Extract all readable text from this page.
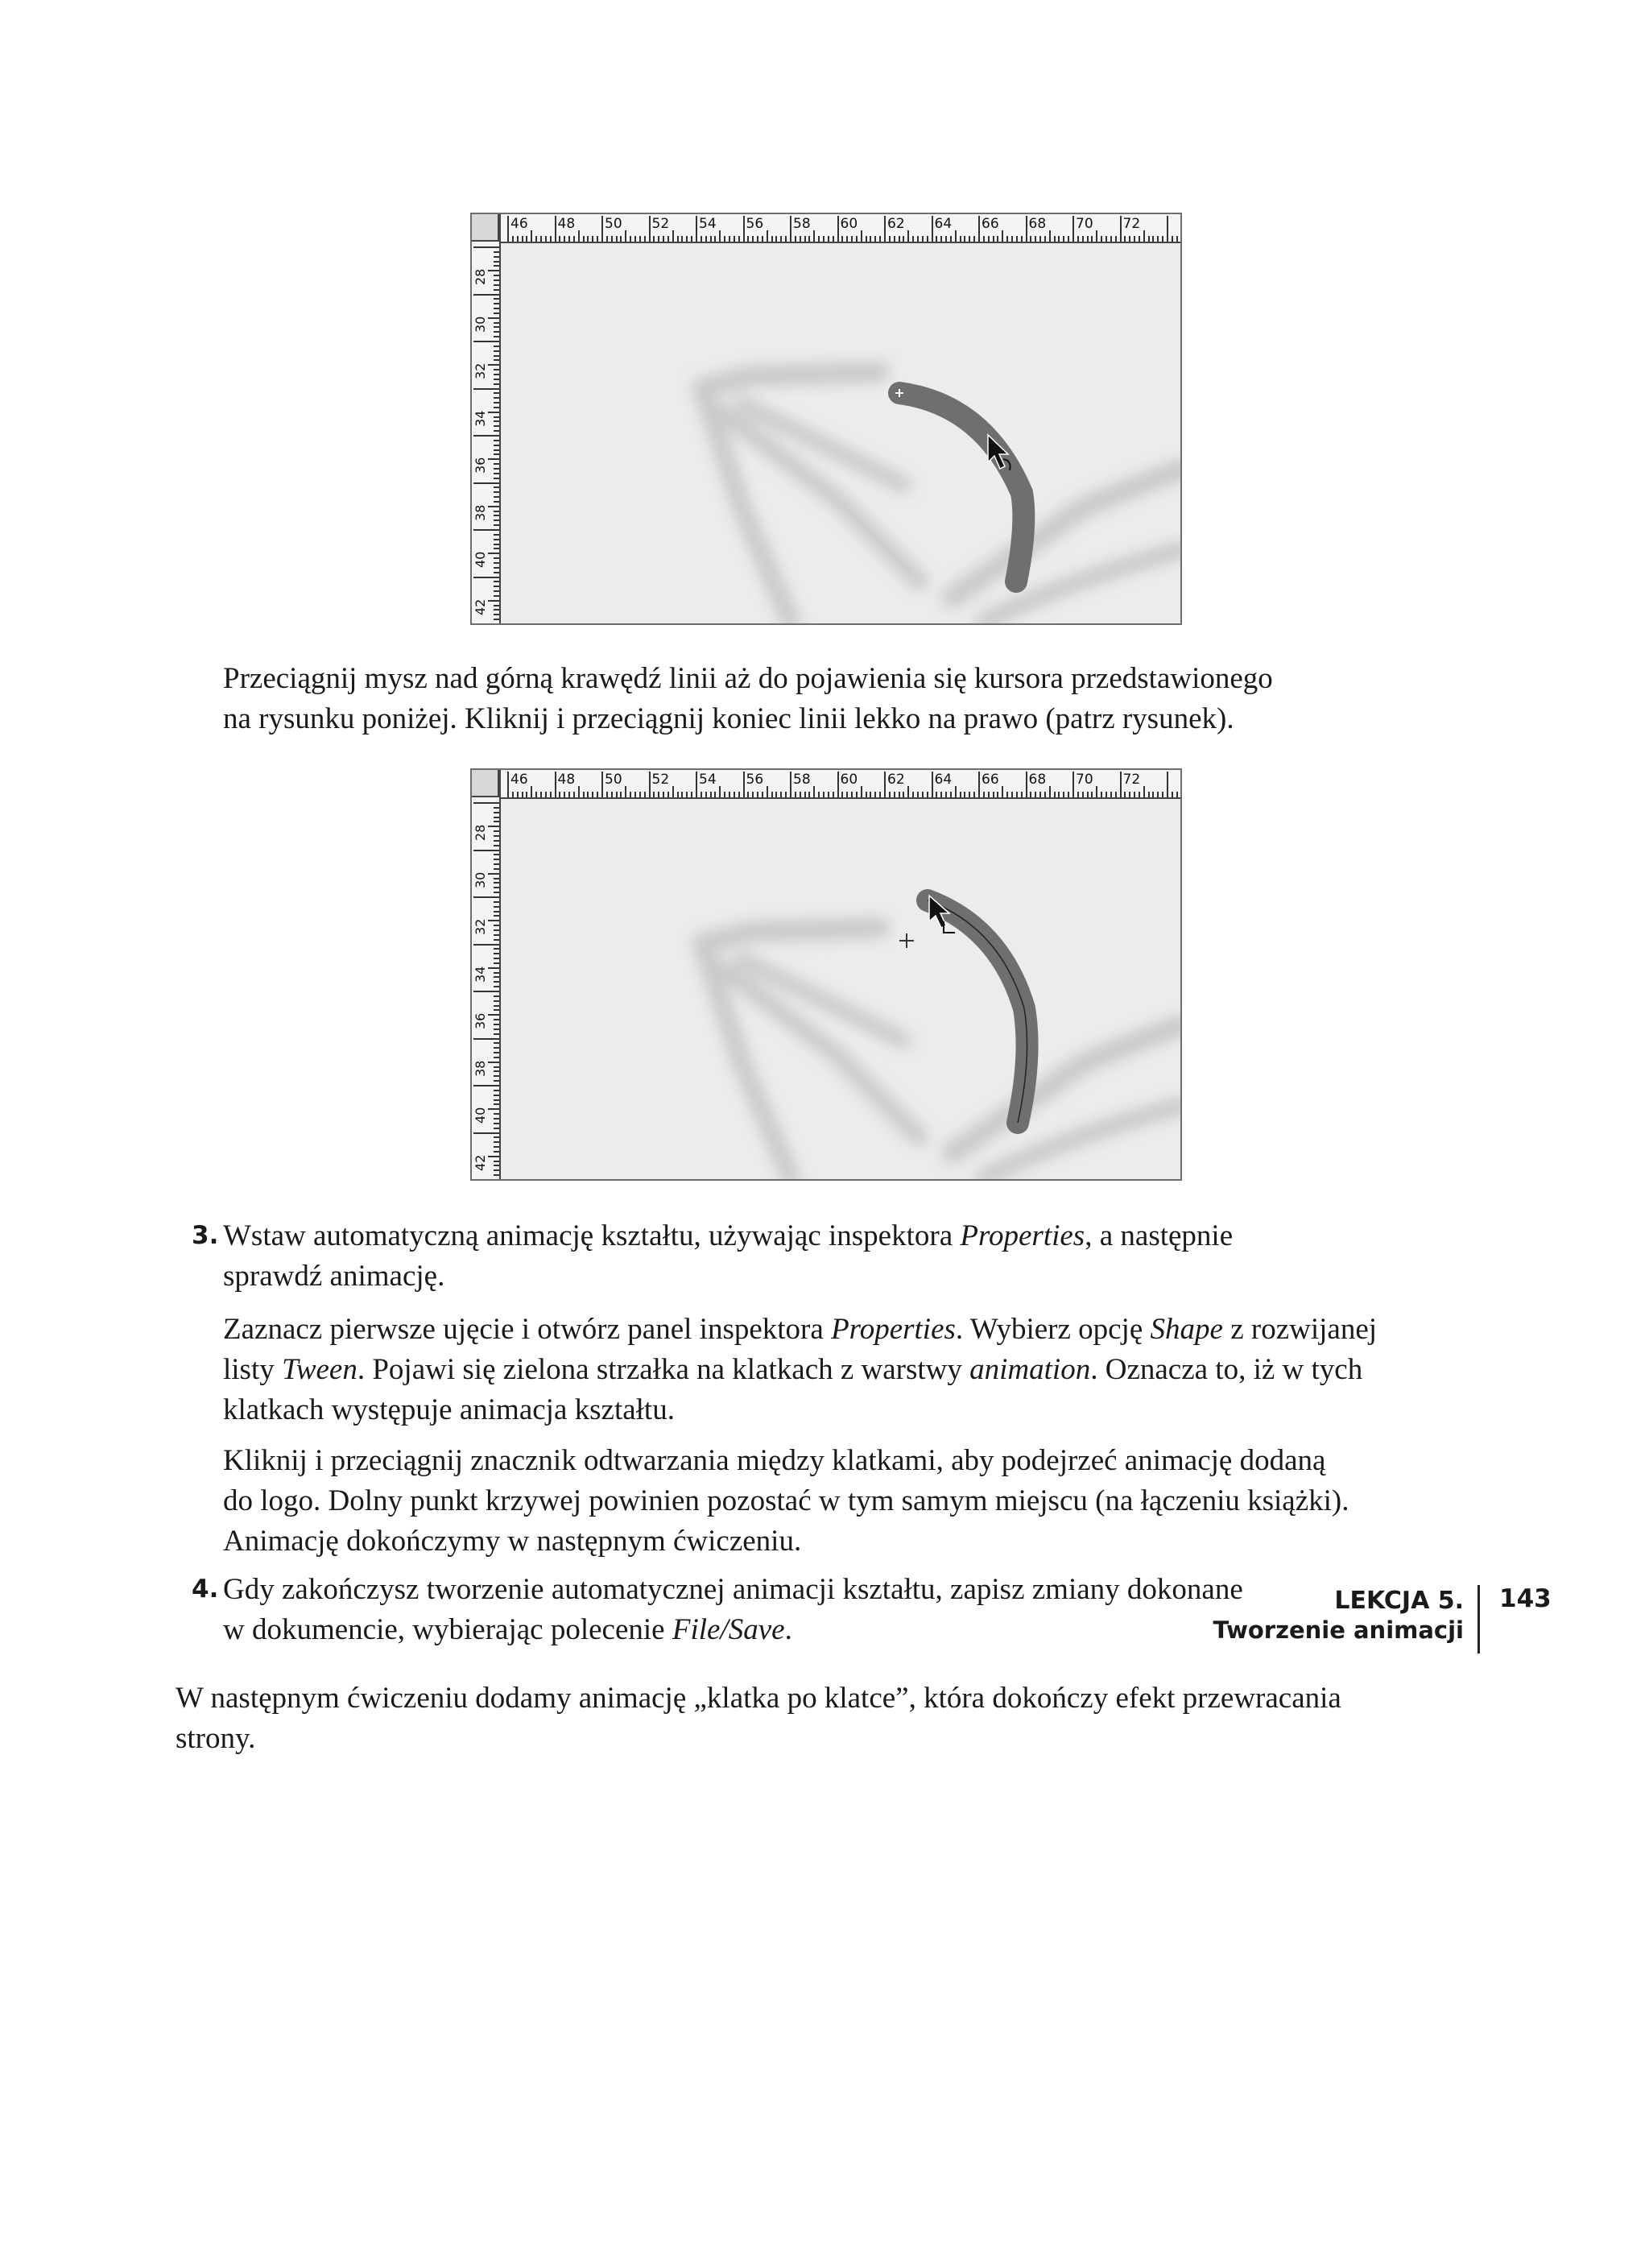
46 48 50 52 54 56 58 60 62 64 66 68 70 72
28
30
32
34
36
38
40
42

Przeciągnij mysz nad górną krawędź linii aż do pojawienia się kursora przedstawionego
na rysunku poniżej. Kliknij i przeciągnij koniec linii lekko na prawo (patrz rysunek).

46 48 50 52 54 56 58 60 62 64 66 68 70 72
28
30
32
34
36
38
40
42
3. Wstaw automatyczną animację kształtu, używając inspektora Properties, a następnie
sprawdź animację.

Zaznacz pierwsze ujęcie i otwórz panel inspektora Properties. Wybierz opcję Shape z rozwijanej
listy Tween. Pojawi się zielona strzałka na klatkach z warstwy animation. Oznacza to, iż w tych
klatkach występuje animacja kształtu.

Kliknij i przeciągnij znacznik odtwarzania między klatkami, aby podejrzeć animację dodaną
do logo. Dolny punkt krzywej powinien pozostać w tym samym miejscu (na łączeniu książki).
Animację dokończymy w następnym ćwiczeniu.

4. Gdy zakończysz tworzenie automatycznej animacji kształtu, zapisz zmiany dokonane
w dokumencie, wybierając polecenie File/Save.

W następnym ćwiczeniu dodamy animację „klatka po klatce”, która dokończy efekt przewracania
strony.

LEKCJA 5.
Tworzenie animacji
143
